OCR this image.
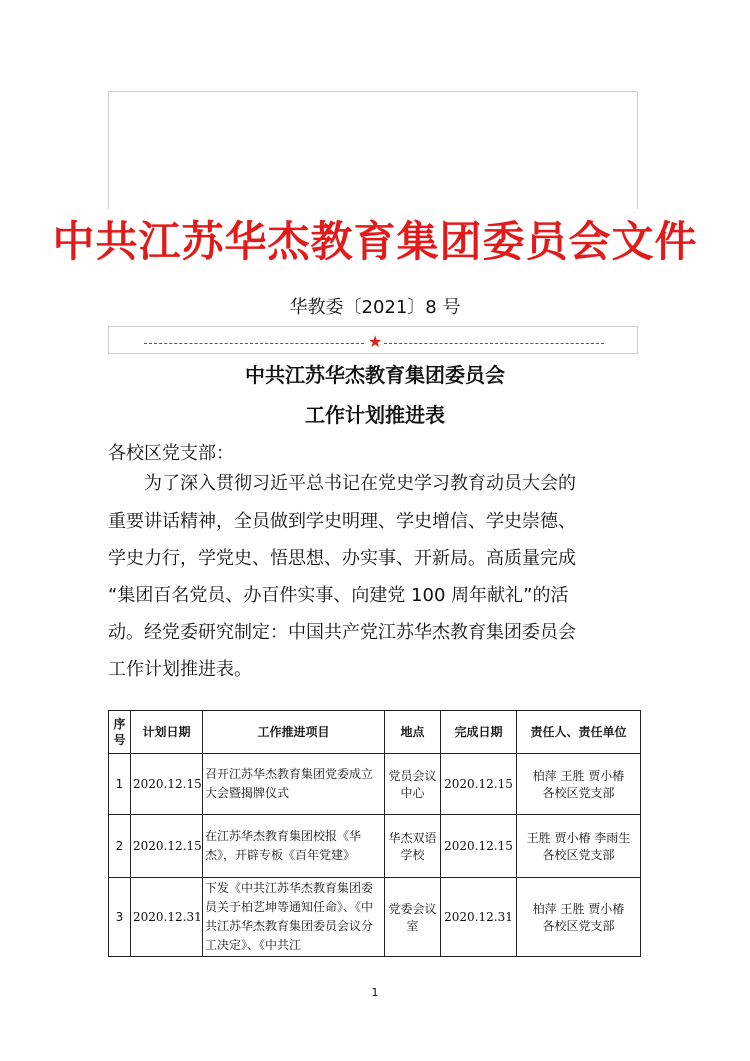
中共江苏华杰教育集团委员会文件
华教委〔2021〕8 号
★
中共江苏华杰教育集团委员会
工作计划推进表
各校区党支部：
　　为了深入贯彻习近平总书记在党史学习教育动员大会的
重要讲话精神，全员做到学史明理、学史增信、学史崇德、
学史力行，学党史、悟思想、办实事、开新局。高质量完成
“集团百名党员、办百件实事、向建党 100 周年献礼”的活
动。经党委研究制定：中国共产党江苏华杰教育集团委员会
工作计划推进表。
序号	计划日期	工作推进项目	地点	完成日期	责任人、责任单位
1	2020.12.15	召开江苏华杰教育集团党委成立大会暨揭牌仪式	党员会议中心	2020.12.15	柏萍 王胜 贾小椿
各校区党支部

2	2020.12.15	在江苏华杰教育集团校报《华杰》，开辟专板《百年党建》	华杰双语学校	2020.12.15	王胜 贾小椿 李雨生
各校区党支部

3	2020.12.31	下发《中共江苏华杰教育集团委员关于柏艺坤等通知任命》、《中共江苏华杰教育集团委员会议分工决定》、《中共江	党委会议室	2020.12.31	柏萍 王胜 贾小椿
各校区党支部
1
